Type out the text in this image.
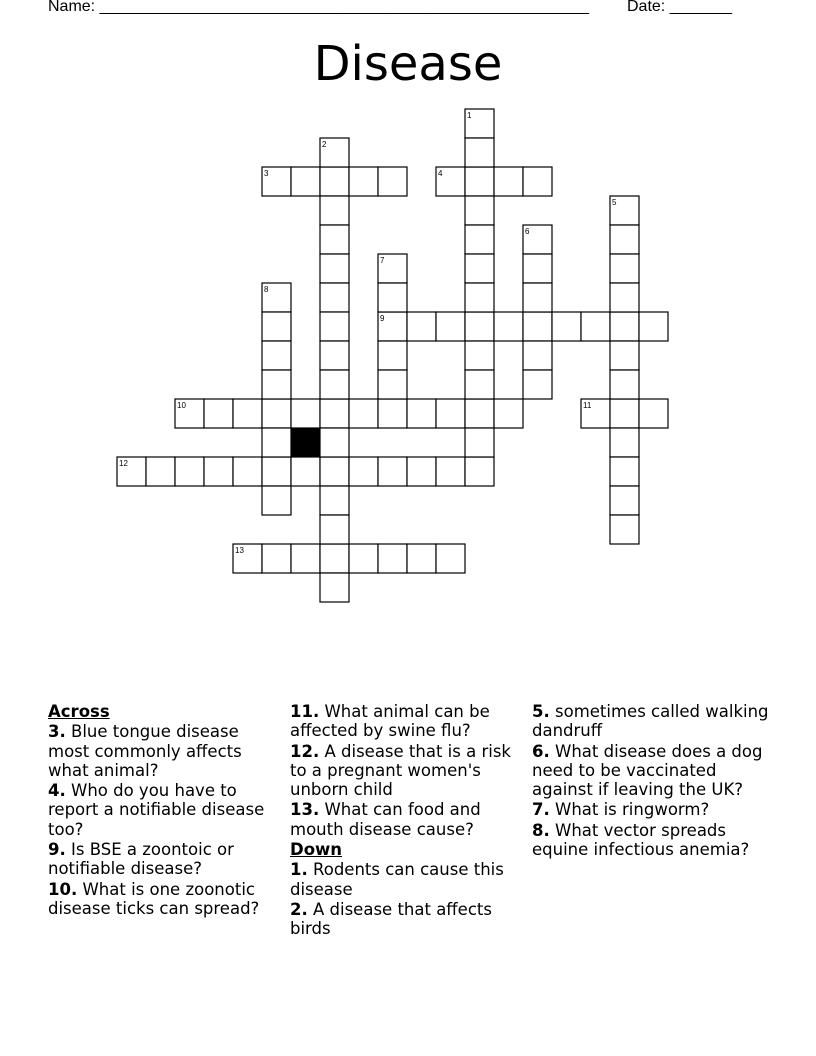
Name: _______________________________________________________ Date: _______
Disease
1
2
3	4
5
6
7
8
9
10	11
12
13
Across
3. Blue tongue disease most commonly affects what animal?
4. Who do you have to report a notifiable disease too?
9. Is BSE a zoontoic or notifiable disease?
10. What is one zoonotic disease ticks can spread?
11. What animal can be affected by swine flu?
12. A disease that is a risk to a pregnant women's unborn child
13. What can food and mouth disease cause?
Down
1. Rodents can cause this disease
2. A disease that affects birds
5. sometimes called walking dandruff
6. What disease does a dog need to be vaccinated against if leaving the UK?
7. What is ringworm?
8. What vector spreads equine infectious anemia?
